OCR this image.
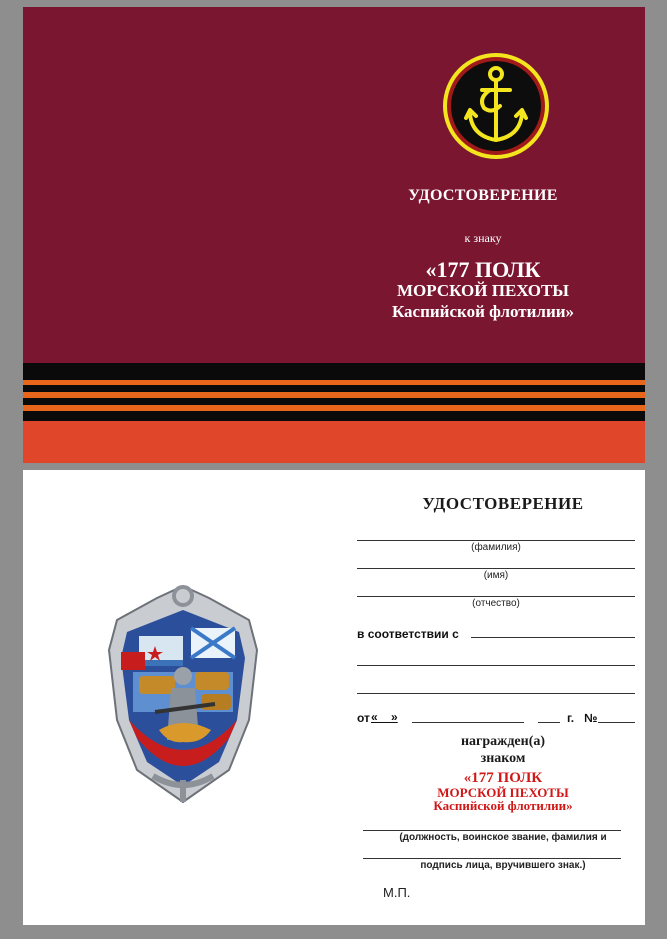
УДОСТОВЕРЕНИЕ
к знаку
«177 ПОЛК
МОРСКОЙ ПЕХОТЫ
Каспийской флотилии»
УДОСТОВЕРЕНИЕ
(фамилия)
(имя)
(отчество)
в соответствии с
от «    »	г. №
награжден(а)
знаком
«177 ПОЛК
МОРСКОЙ ПЕХОТЫ
Каспийской флотилии»
(должность, воинское звание, фамилия и
подпись лица, вручившего знак.)
М.П.
